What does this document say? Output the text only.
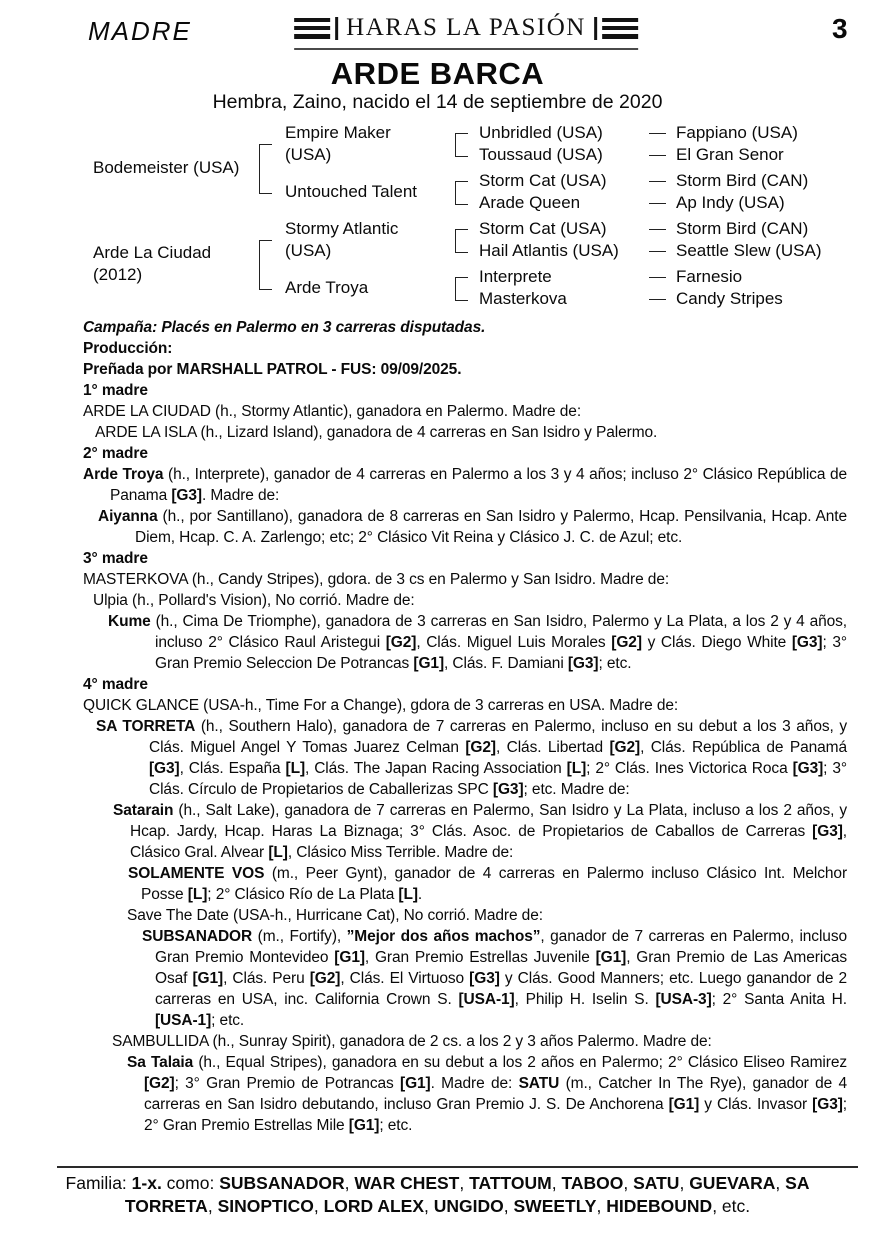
MADRE	HARAS LA PASIÓN	3
ARDE BARCA
Hembra, Zaino, nacido el 14 de septiembre de 2020
Bodemeister (USA)
Arde La Ciudad
(2012)
Empire Maker
(USA)
Untouched Talent
Stormy Atlantic
(USA)
Arde Troya
Unbridled (USA)
Toussaud (USA)
Storm Cat (USA)
Arade Queen
Storm Cat (USA)
Hail Atlantis (USA)
Interprete
Masterkova
Fappiano (USA)
El Gran Senor
Storm Bird (CAN)
Ap Indy (USA)
Storm Bird (CAN)
Seattle Slew (USA)
Farnesio
Candy Stripes

Campaña: Placés en Palermo en 3 carreras disputadas.

Producción:

Preñada por MARSHALL PATROL - FUS: 09/09/2025.

1° madre

ARDE LA CIUDAD (h., Stormy Atlantic), ganadora en Palermo. Madre de:

ARDE LA ISLA (h., Lizard Island), ganadora de 4 carreras en San Isidro y Palermo.

2° madre

Arde Troya (h., Interprete), ganador de 4 carreras en Palermo a los 3 y 4 años; incluso 2° Clásico República de Panama [G3]. Madre de:

Aiyanna (h., por Santillano), ganadora de 8 carreras en San Isidro y Palermo, Hcap. Pensilvania, Hcap. Ante Diem, Hcap. C. A. Zarlengo; etc; 2° Clásico Vit Reina y Clásico J. C. de Azul; etc.

3° madre

MASTERKOVA (h., Candy Stripes), gdora. de 3 cs en Palermo y San Isidro. Madre de:

Ulpia (h., Pollard's Vision), No corrió. Madre de:

Kume (h., Cima De Triomphe), ganadora de 3 carreras en San Isidro, Palermo y La Plata, a los 2 y 4 años, incluso 2° Clásico Raul Aristegui [G2], Clás. Miguel Luis Morales [G2] y Clás. Diego White [G3]; 3° Gran Premio Seleccion De Potrancas [G1], Clás. F. Damiani [G3]; etc.

4° madre

QUICK GLANCE (USA-h., Time For a Change), gdora de 3 carreras en USA. Madre de:

SA TORRETA (h., Southern Halo), ganadora de 7 carreras en Palermo, incluso en su debut a los 3 años, y Clás. Miguel Angel Y Tomas Juarez Celman [G2], Clás. Libertad [G2], Clás. República de Panamá [G3], Clás. España [L], Clás. The Japan Racing Association [L]; 2° Clás. Ines Victorica Roca [G3]; 3° Clás. Círculo de Propietarios de Caballerizas SPC [G3]; etc. Madre de:

Satarain (h., Salt Lake), ganadora de 7 carreras en Palermo, San Isidro y La Plata, incluso a los 2 años, y Hcap. Jardy, Hcap. Haras La Biznaga; 3° Clás. Asoc. de Propietarios de Caballos de Carreras [G3], Clásico Gral. Alvear [L], Clásico Miss Terrible. Madre de:

SOLAMENTE VOS (m., Peer Gynt), ganador de 4 carreras en Palermo incluso Clásico Int. Melchor Posse [L]; 2° Clásico Río de La Plata [L].

Save The Date (USA-h., Hurricane Cat), No corrió. Madre de:

SUBSANADOR (m., Fortify), ”Mejor dos años machos”, ganador de 7 carreras en Palermo, incluso Gran Premio Montevideo [G1], Gran Premio Estrellas Juvenile [G1], Gran Premio de Las Americas Osaf [G1], Clás. Peru [G2], Clás. El Virtuoso [G3] y Clás. Good Manners; etc. Luego ganandor de 2 carreras en USA, inc. California Crown S. [USA-1], Philip H. Iselin S. [USA-3]; 2° Santa Anita H. [USA-1]; etc.

SAMBULLIDA (h., Sunray Spirit), ganadora de 2 cs. a los 2 y 3 años Palermo. Madre de:

Sa Talaia (h., Equal Stripes), ganadora en su debut a los 2 años en Palermo; 2° Clásico Eliseo Ramirez [G2]; 3° Gran Premio de Potrancas [G1]. Madre de: SATU (m., Catcher In The Rye), ganador de 4 carreras en San Isidro debutando, incluso Gran Premio J. S. De Anchorena [G1] y Clás. Invasor [G3]; 2° Gran Premio Estrellas Mile [G1]; etc.

Familia: 1-x. como: SUBSANADOR, WAR CHEST, TATTOUM, TABOO, SATU, GUEVARA, SA TORRETA, SINOPTICO, LORD ALEX, UNGIDO, SWEETLY, HIDEBOUND, etc.
